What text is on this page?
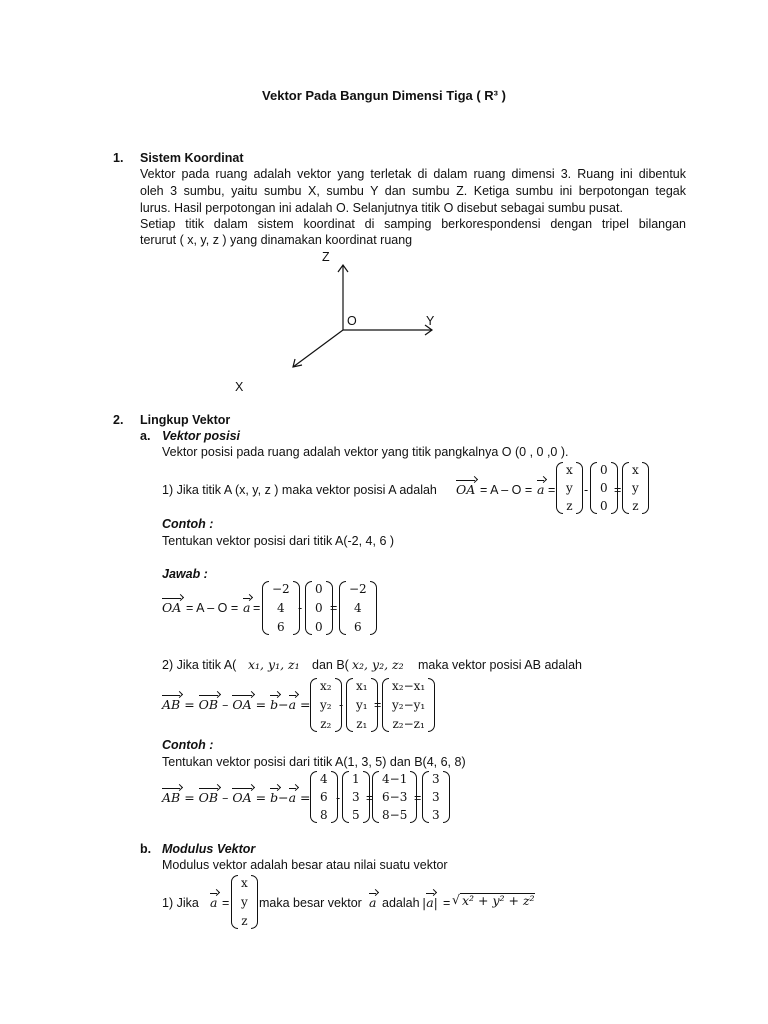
Vektor Pada Bangun Dimensi Tiga ( R³ )
1. Sistem Koordinat
Vektor pada ruang adalah vektor yang terletak di dalam ruang dimensi 3. Ruang ini dibentuk
oleh 3 sumbu, yaitu sumbu X, sumbu Y dan sumbu Z. Ketiga sumbu ini berpotongan tegak
lurus. Hasil perpotongan ini adalah O. Selanjutnya titik O disebut sebagai sumbu pusat.
Setiap titik dalam sistem koordinat di samping berkorespondensi dengan tripel bilangan
terurut ( x, y, z ) yang dinamakan koordinat ruang
Z
O	Y
X
2. Lingkup Vektor
a. Vektor posisi
Vektor posisi pada ruang adalah vektor yang titik pangkalnya O (0 , 0 ,0 ).
1) Jika titik A (x, y, z ) maka vektor posisi A adalah OA = A – O = a =
x
y
z
-
0
0
0
=
x
y
z
Contoh :
Tentukan vektor posisi dari titik A(-2, 4, 6 )
Jawab :
OA = A – O = a =
−2
4
6
-
0
0
0
=
−2
4
6
2) Jika titik A( x₁, y₁, z₁ dan B( x₂, y₂, z₂ maka vektor posisi AB adalah
AB = OB – OA = b−a =
x₂
y₂
z₂
-
x₁
y₁
z₁
=
x₂−x₁
y₂−y₁
z₂−z₁
Contoh :
Tentukan vektor posisi dari titik A(1, 3, 5) dan B(4, 6, 8)
AB = OB – OA = b−a =
4
6
8
-
1
3
5
=
4−1
6−3
8−5
=
3
3
3
b. Modulus Vektor
Modulus vektor adalah besar atau nilai suatu vektor
1) Jika a =
x
y
z
maka besar vektor a adalah |a| = √ x² + y² + z²
